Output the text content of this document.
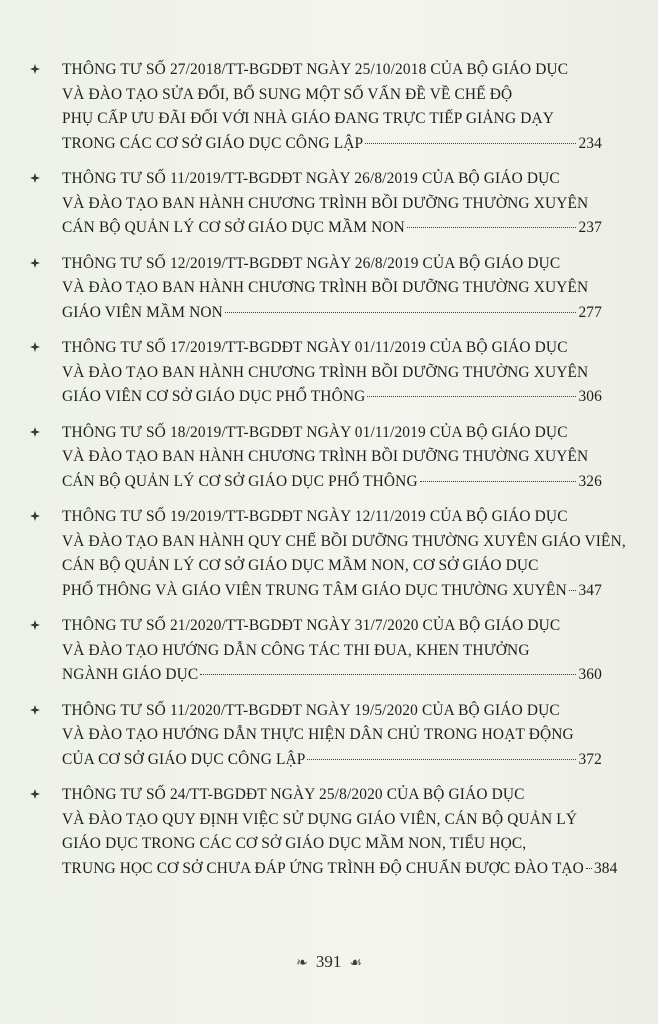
THÔNG TƯ SỐ 27/2018/TT-BGDĐT NGÀY 25/10/2018 CỦA BỘ GIÁO DỤC
VÀ ĐÀO TẠO SỬA ĐỔI, BỔ SUNG MỘT SỐ VẤN ĐỀ VỀ CHẾ ĐỘ
PHỤ CẤP ƯU ĐÃI ĐỐI VỚI NHÀ GIÁO ĐANG TRỰC TIẾP GIẢNG DẠY
TRONG CÁC CƠ SỞ GIÁO DỤC CÔNG LẬP	234
THÔNG TƯ SỐ 11/2019/TT-BGDĐT NGÀY 26/8/2019 CỦA BỘ GIÁO DỤC
VÀ ĐÀO TẠO BAN HÀNH CHƯƠNG TRÌNH BỒI DƯỠNG THƯỜNG XUYÊN
CÁN BỘ QUẢN LÝ CƠ SỞ GIÁO DỤC MẦM NON	237
THÔNG TƯ SỐ 12/2019/TT-BGDĐT NGÀY 26/8/2019 CỦA BỘ GIÁO DỤC
VÀ ĐÀO TẠO BAN HÀNH CHƯƠNG TRÌNH BỒI DƯỠNG THƯỜNG XUYÊN
GIÁO VIÊN MẦM NON	277
THÔNG TƯ SỐ 17/2019/TT-BGDĐT NGÀY 01/11/2019 CỦA BỘ GIÁO DỤC
VÀ ĐÀO TẠO BAN HÀNH CHƯƠNG TRÌNH BỒI DƯỠNG THƯỜNG XUYÊN
GIÁO VIÊN CƠ SỞ GIÁO DỤC PHỔ THÔNG	306
THÔNG TƯ SỐ 18/2019/TT-BGDĐT NGÀY 01/11/2019 CỦA BỘ GIÁO DỤC
VÀ ĐÀO TẠO BAN HÀNH CHƯƠNG TRÌNH BỒI DƯỠNG THƯỜNG XUYÊN
CÁN BỘ QUẢN LÝ CƠ SỞ GIÁO DỤC PHỔ THÔNG	326
THÔNG TƯ SỐ 19/2019/TT-BGDĐT NGÀY 12/11/2019 CỦA BỘ GIÁO DỤC
VÀ ĐÀO TẠO BAN HÀNH QUY CHẾ BỒI DƯỠNG THƯỜNG XUYÊN GIÁO VIÊN,
CÁN BỘ QUẢN LÝ CƠ SỞ GIÁO DỤC MẦM NON, CƠ SỞ GIÁO DỤC
PHỔ THÔNG VÀ GIÁO VIÊN TRUNG TÂM GIÁO DỤC THƯỜNG XUYÊN 347
THÔNG TƯ SỐ 21/2020/TT-BGDĐT NGÀY 31/7/2020 CỦA BỘ GIÁO DỤC
VÀ ĐÀO TẠO HƯỚNG DẪN CÔNG TÁC THI ĐUA, KHEN THƯỞNG
NGÀNH GIÁO DỤC	360
THÔNG TƯ SỐ 11/2020/TT-BGDĐT NGÀY 19/5/2020 CỦA BỘ GIÁO DỤC
VÀ ĐÀO TẠO HƯỚNG DẪN THỰC HIỆN DÂN CHỦ TRONG HOẠT ĐỘNG
CỦA CƠ SỞ GIÁO DỤC CÔNG LẬP	372
THÔNG TƯ SỐ 24/TT-BGDĐT NGÀY 25/8/2020 CỦA BỘ GIÁO DỤC
VÀ ĐÀO TẠO QUY ĐỊNH VIỆC SỬ DỤNG GIÁO VIÊN, CÁN BỘ QUẢN LÝ
GIÁO DỤC TRONG CÁC CƠ SỞ GIÁO DỤC MẦM NON, TIỂU HỌC,
TRUNG HỌC CƠ SỞ CHƯA ĐÁP ỨNG TRÌNH ĐỘ CHUẨN ĐƯỢC ĐÀO TẠO 384
❧ 391 ☙
